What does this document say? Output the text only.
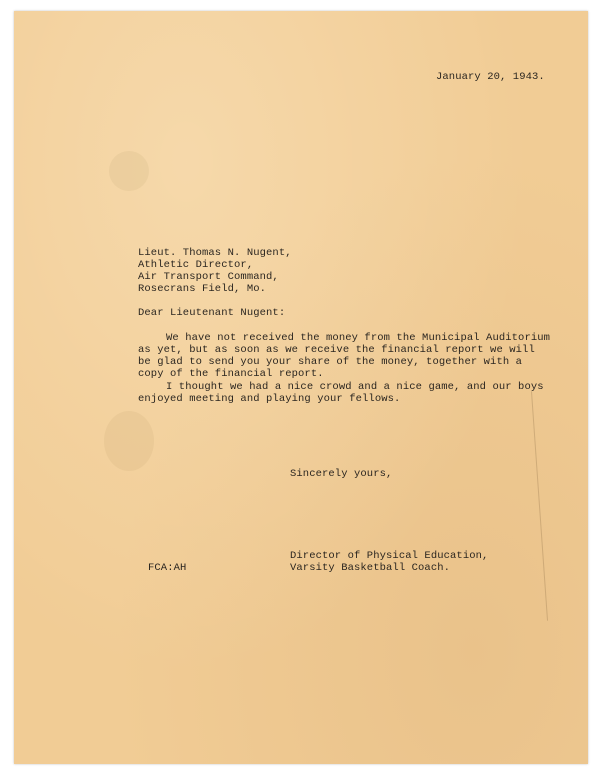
January 20, 1943.
Lieut. Thomas N. Nugent,
Athletic Director,
Air Transport Command,
Rosecrans Field, Mo.
Dear Lieutenant Nugent:
We have not received the money from the Municipal Auditorium
as yet, but as soon as we receive the financial report we will
be glad to send you your share of the money, together with a
copy of the financial report.
I thought we had a nice crowd and a nice game, and our boys
enjoyed meeting and playing your fellows.
Sincerely yours,
Director of Physical Education,
Varsity Basketball Coach.
FCA:AH
